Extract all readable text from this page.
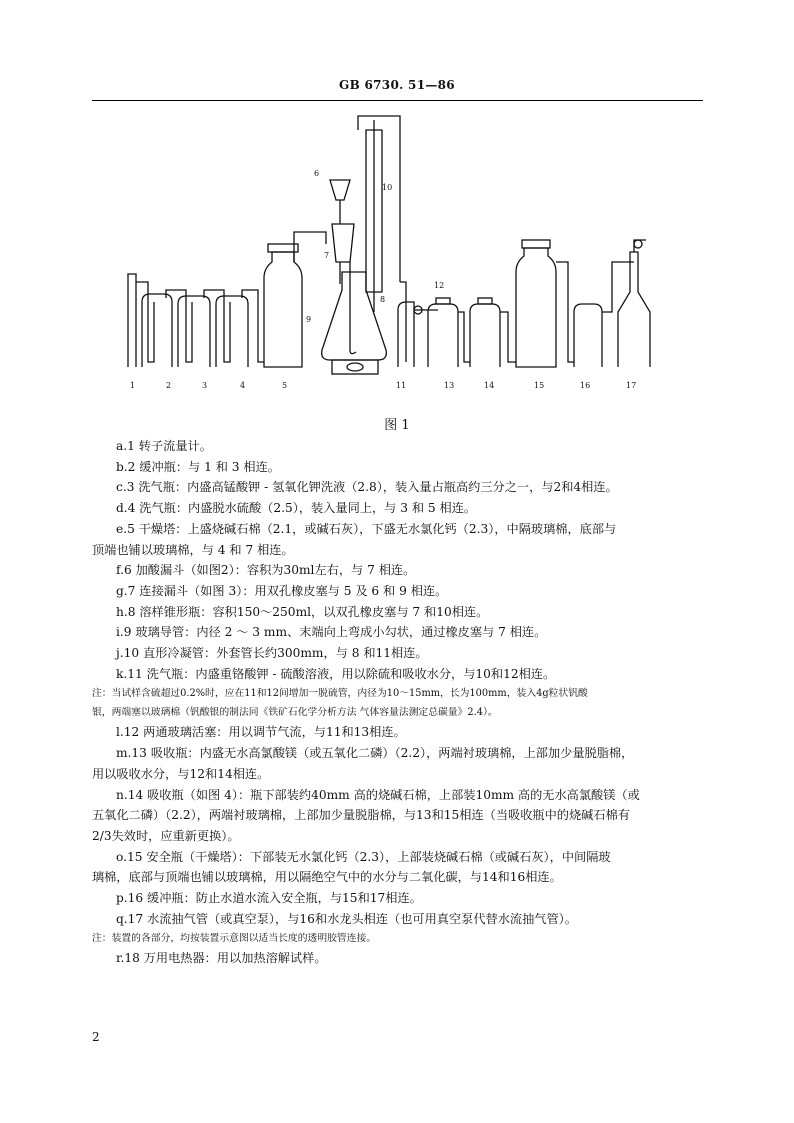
GB 6730. 51—86
6
7
10
12
8
9
1	2	3	4	5	11	13	14	15	16	17
图 1

a.1 转子流量计。

b.2 缓冲瓶：与 1 和 3 相连。

c.3 洗气瓶：内盛高锰酸钾 - 氢氧化钾洗液（2.8），装入量占瓶高约三分之一，与2和4相连。

d.4 洗气瓶：内盛脱水硫酸（2.5），装入量同上，与 3 和 5 相连。

e.5 干燥塔：上盛烧碱石棉（2.1，或碱石灰），下盛无水氯化钙（2.3），中隔玻璃棉，底部与

顶端也铺以玻璃棉，与 4 和 7 相连。

f.6 加酸漏斗（如图2）：容积为30ml左右，与 7 相连。

g.7 连接漏斗（如图 3）：用双孔橡皮塞与 5 及 6 和 9 相连。

h.8 溶样锥形瓶：容积150～250ml，以双孔橡皮塞与 7 和10相连。

i.9 玻璃导管：内径 2 ～ 3 mm、末端向上弯成小勾状，通过橡皮塞与 7 相连。

j.10 直形冷凝管：外套管长约300mm，与 8 和11相连。

k.11 洗气瓶：内盛重铬酸钾 - 硫酸溶液，用以除硫和吸收水分，与10和12相连。

注：当试样含硫超过0.2%时，应在11和12间增加一脱硫管，内径为10～15mm，长为100mm，装入4g粒状钒酸

银，两端塞以玻璃棉（钒酸银的制法同《铁矿石化学分析方法 气体容量法测定总碳量》2.4）。

l.12 两通玻璃活塞：用以调节气流，与11和13相连。

m.13 吸收瓶：内盛无水高氯酸镁（或五氧化二磷）（2.2），两端衬玻璃棉，上部加少量脱脂棉，

用以吸收水分，与12和14相连。

n.14 吸收瓶（如图 4）：瓶下部装约40mm 高的烧碱石棉，上部装10mm 高的无水高氯酸镁（或

五氧化二磷）（2.2），两端衬玻璃棉，上部加少量脱脂棉，与13和15相连（当吸收瓶中的烧碱石棉有

2/3失效时，应重新更换）。

o.15 安全瓶（干燥塔）：下部装无水氯化钙（2.3），上部装烧碱石棉（或碱石灰），中间隔玻

璃棉，底部与顶端也铺以玻璃棉，用以隔绝空气中的水分与二氧化碳，与14和16相连。

p.16 缓冲瓶：防止水道水流入安全瓶，与15和17相连。

q.17 水流抽气管（或真空泵），与16和水龙头相连（也可用真空泵代替水流抽气管）。

注：装置的各部分，均按装置示意图以适当长度的透明胶管连接。

r.18 万用电热器：用以加热溶解试样。

2
